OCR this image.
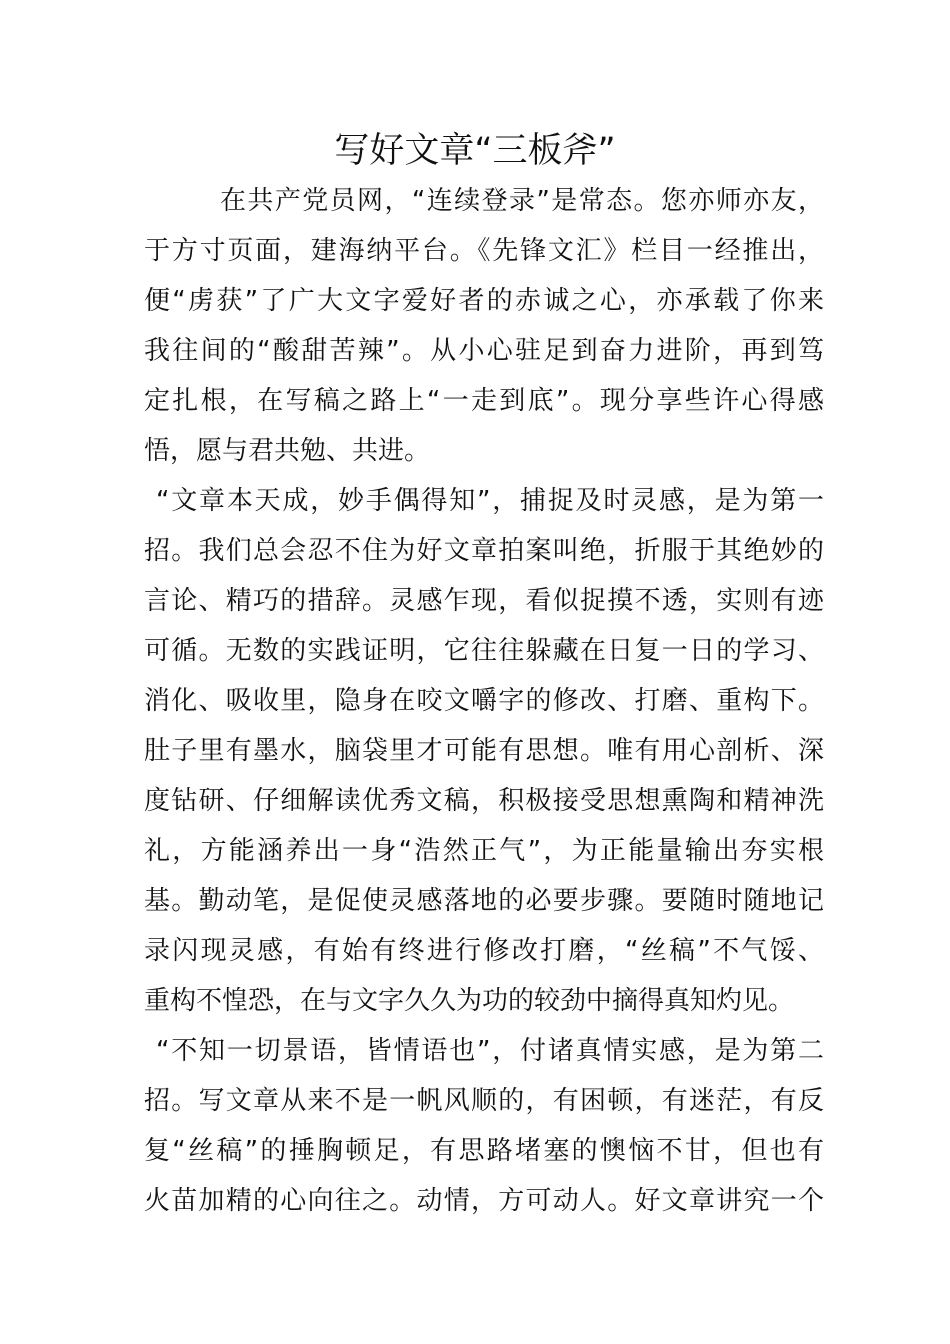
写好文章“三板斧”
在共产党员网，“连续登录”是常态。您亦师亦友，
于方寸页面，建海纳平台。《先锋文汇》栏目一经推出，
便“虏获”了广大文字爱好者的赤诚之心，亦承载了你来
我往间的“酸甜苦辣”。从小心驻足到奋力进阶，再到笃
定扎根，在写稿之路上“一走到底”。现分享些许心得感
悟，愿与君共勉、共进。
“文章本天成，妙手偶得知”，捕捉及时灵感，是为第一
招。我们总会忍不住为好文章拍案叫绝，折服于其绝妙的
言论、精巧的措辞。灵感乍现，看似捉摸不透，实则有迹
可循。无数的实践证明，它往往躲藏在日复一日的学习、
消化、吸收里，隐身在咬文嚼字的修改、打磨、重构下。
肚子里有墨水，脑袋里才可能有思想。唯有用心剖析、深
度钻研、仔细解读优秀文稿，积极接受思想熏陶和精神洗
礼，方能涵养出一身“浩然正气”，为正能量输出夯实根
基。勤动笔，是促使灵感落地的必要步骤。要随时随地记
录闪现灵感，有始有终进行修改打磨，“丝稿”不气馁、
重构不惶恐，在与文字久久为功的较劲中摘得真知灼见。
“不知一切景语，皆情语也”，付诸真情实感，是为第二
招。写文章从来不是一帆风顺的，有困顿，有迷茫，有反
复“丝稿”的捶胸顿足，有思路堵塞的懊恼不甘，但也有
火苗加精的心向往之。动情，方可动人。好文章讲究一个
